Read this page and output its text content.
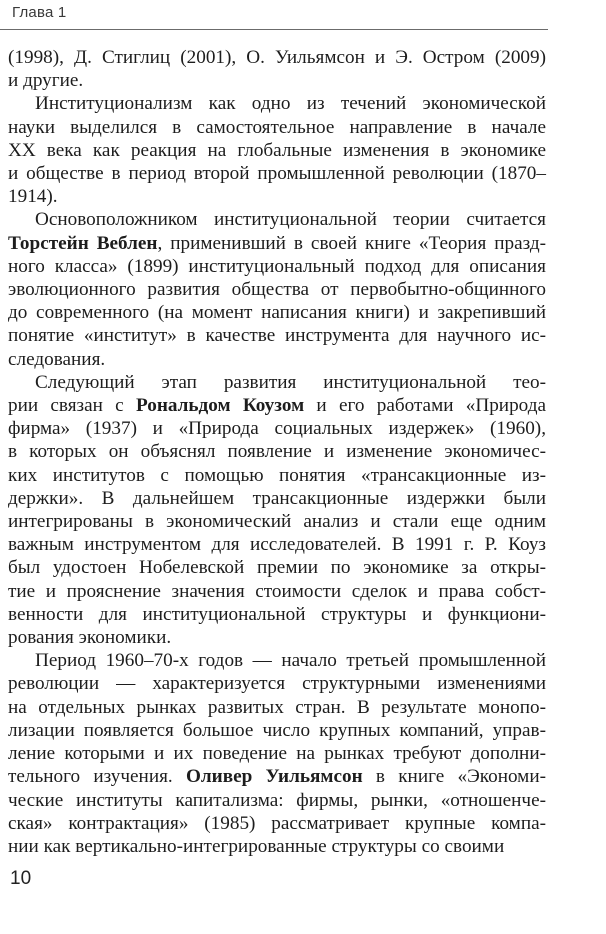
Глава 1
(1998), Д. Стиглиц (2001), О. Уильямсон и Э. Остром (2009)
и другие.
Институционализм как одно из течений экономической
науки выделился в самостоятельное направление в начале
XX века как реакция на глобальные изменения в экономике
и обществе в период второй промышленной революции (1870–
1914).
Основоположником институциональной теории считается
Торстейн Веблен, применивший в своей книге «Теория празд-
ного класса» (1899) институциональный подход для описания
эволюционного развития общества от первобытно-общинного
до современного (на момент написания книги) и закрепивший
понятие «институт» в качестве инструмента для научного ис-
следования.
Следующий этап развития институциональной тео-
рии связан с Рональдом Коузом и его работами «Природа
фирма» (1937) и «Природа социальных издержек» (1960),
в которых он объяснял появление и изменение экономичес-
ких институтов с помощью понятия «трансакционные из-
держки». В дальнейшем трансакционные издержки были
интегрированы в экономический анализ и стали еще одним
важным инструментом для исследователей. В 1991 г. Р. Коуз
был удостоен Нобелевской премии по экономике за откры-
тие и прояснение значения стоимости сделок и права собст-
венности для институциональной структуры и функциони-
рования экономики.
Период 1960–70-х годов — начало третьей промышленной
революции — характеризуется структурными изменениями
на отдельных рынках развитых стран. В результате монопо-
лизации появляется большое число крупных компаний, управ-
ление которыми и их поведение на рынках требуют дополни-
тельного изучения. Оливер Уильямсон в книге «Экономи-
ческие институты капитализма: фирмы, рынки, «отношенче-
ская» контрактация» (1985) рассматривает крупные компа-
нии как вертикально-интегрированные структуры со своими
10
